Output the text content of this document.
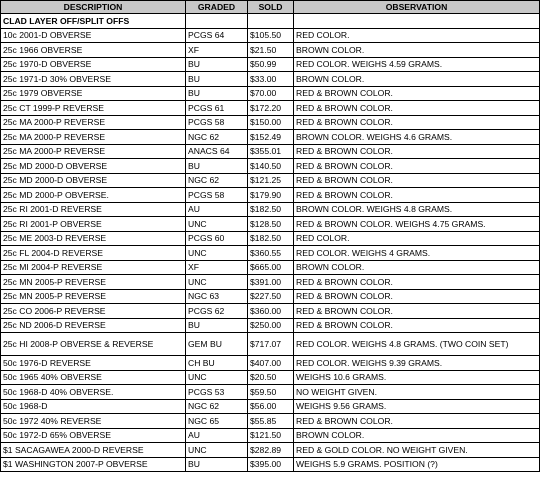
DESCRIPTION	GRADED	SOLD	OBSERVATION
CLAD LAYER OFF/SPLIT OFFS			
10c 2001-D OBVERSE	PCGS 64	$105.50	RED COLOR.
25c 1966 OBVERSE	XF	$21.50	BROWN COLOR.
25c 1970-D OBVERSE	BU	$50.99	RED COLOR. WEIGHS 4.59 GRAMS.
25c 1971-D 30% OBVERSE	BU	$33.00	BROWN COLOR.
25c 1979 OBVERSE	BU	$70.00	RED & BROWN COLOR.
25c CT 1999-P REVERSE	PCGS 61	$172.20	RED & BROWN COLOR.
25c MA 2000-P REVERSE	PCGS 58	$150.00	RED & BROWN COLOR.
25c MA 2000-P REVERSE	NGC 62	$152.49	BROWN COLOR. WEIGHS 4.6 GRAMS.
25c MA 2000-P REVERSE	ANACS 64	$355.01	RED & BROWN COLOR.
25c MD 2000-D OBVERSE	BU	$140.50	RED & BROWN COLOR.
25c MD 2000-D OBVERSE	NGC 62	$121.25	RED & BROWN COLOR.
25c MD 2000-P OBVERSE.	PCGS 58	$179.90	RED & BROWN COLOR.
25c RI 2001-D REVERSE	AU	$182.50	BROWN COLOR. WEIGHS 4.8 GRAMS.
25c RI 2001-P OBVERSE	UNC	$128.50	RED & BROWN COLOR. WEIGHS 4.75 GRAMS.
25c ME 2003-D REVERSE	PCGS 60	$182.50	RED COLOR.
25c FL 2004-D REVERSE	UNC	$360.55	RED COLOR. WEIGHS 4 GRAMS.
25c MI 2004-P REVERSE	XF	$665.00	BROWN COLOR.
25c MN 2005-P REVERSE	UNC	$391.00	RED & BROWN COLOR.
25c MN 2005-P REVERSE	NGC 63	$227.50	RED & BROWN COLOR.
25c CO 2006-P REVERSE	PCGS 62	$360.00	RED & BROWN COLOR.
25c ND 2006-D REVERSE	BU	$250.00	RED & BROWN COLOR.
25c HI 2008-P OBVERSE & REVERSE	GEM BU	$717.07	RED COLOR. WEIGHS 4.8 GRAMS. (TWO COIN SET)
50c 1976-D REVERSE	CH BU	$407.00	RED COLOR. WEIGHS 9.39 GRAMS.
50c 1965 40% OBVERSE	UNC	$20.50	WEIGHS 10.6 GRAMS.
50c 1968-D 40% OBVERSE.	PCGS 53	$59.50	NO WEIGHT GIVEN.
50c 1968-D	NGC 62	$56.00	WEIGHS 9.56 GRAMS.
50c 1972 40% REVERSE	NGC 65	$55.85	RED & BROWN COLOR.
50c 1972-D 65% OBVERSE	AU	$121.50	BROWN COLOR.
$1 SACAGAWEA 2000-D REVERSE	UNC	$282.89	RED & GOLD COLOR. NO WEIGHT GIVEN.
$1 WASHINGTON 2007-P OBVERSE	BU	$395.00	WEIGHS 5.9 GRAMS. POSITION (?)
